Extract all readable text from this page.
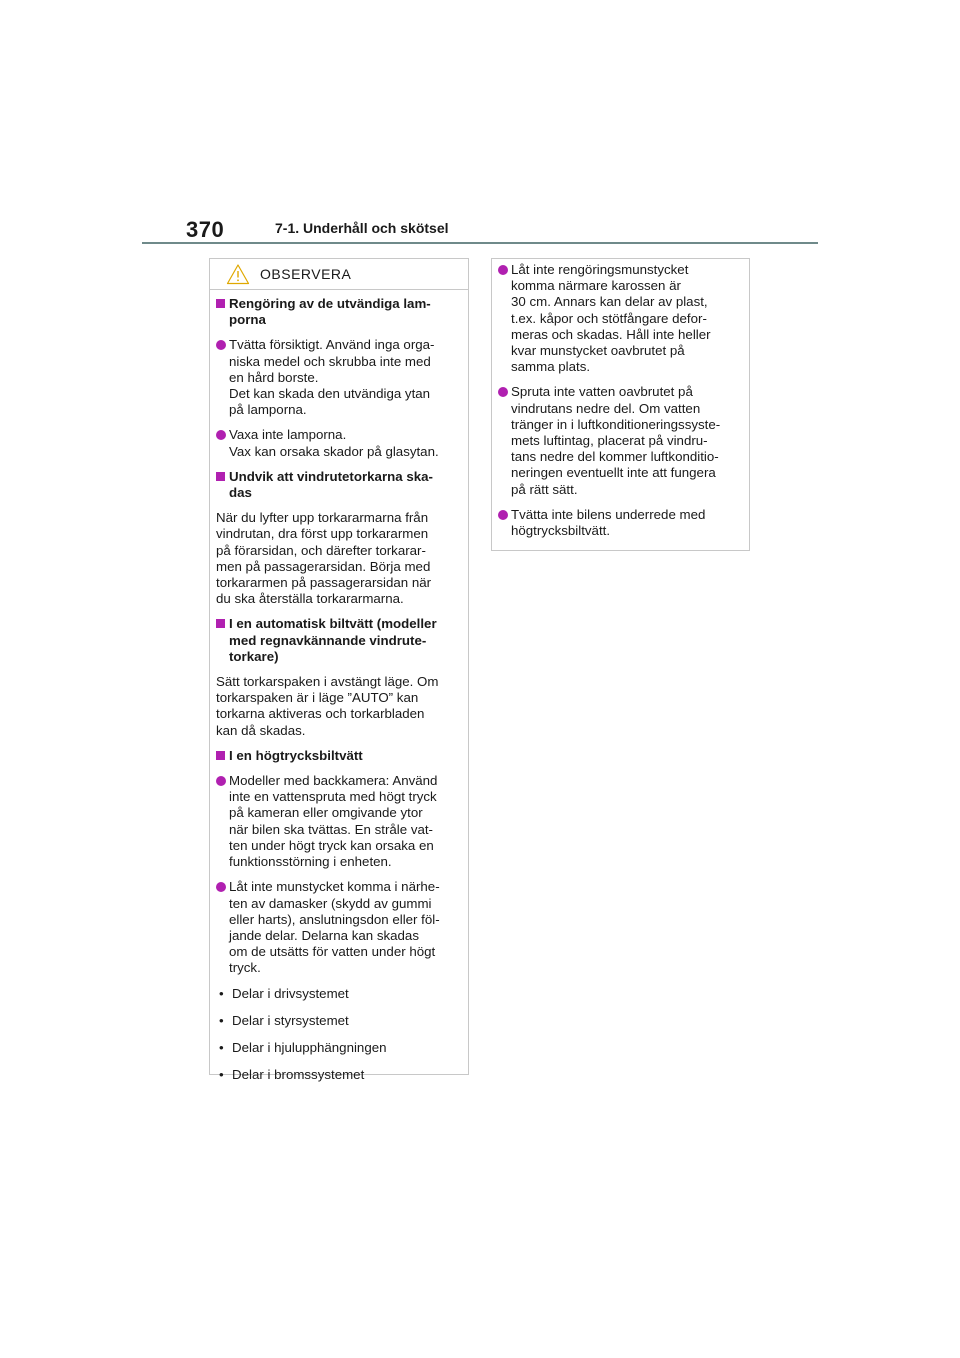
370	7-1. Underhåll och skötsel
OBSERVERA
Rengöring av de utvändiga lam-
porna
Tvätta försiktigt. Använd inga orga-
niska medel och skrubba inte med
en hård borste.
Det kan skada den utvändiga ytan
på lamporna.
Vaxa inte lamporna.
Vax kan orsaka skador på glasytan.
Undvik att vindrutetorkarna ska-
das
När du lyfter upp torkararmarna från
vindrutan, dra först upp torkararmen
på förarsidan, och därefter torkarar-
men på passagerarsidan. Börja med
torkararmen på passagerarsidan när
du ska återställa torkararmarna.
I en automatisk biltvätt (modeller
med regnavkännande vindrute-
torkare)
Sätt torkarspaken i avstängt läge. Om
torkarspaken är i läge ”AUTO” kan
torkarna aktiveras och torkarbladen
kan då skadas.
I en högtrycksbiltvätt
Modeller med backkamera: Använd
inte en vattenspruta med högt tryck
på kameran eller omgivande ytor
när bilen ska tvättas. En stråle vat-
ten under högt tryck kan orsaka en
funktionsstörning i enheten.
Låt inte munstycket komma i närhe-
ten av damasker (skydd av gummi
eller harts), anslutningsdon eller föl-
jande delar. Delarna kan skadas
om de utsätts för vatten under högt
tryck.
• Delar i drivsystemet
• Delar i styrsystemet
• Delar i hjulupphängningen
• Delar i bromssystemet
Låt inte rengöringsmunstycket
komma närmare karossen är
30 cm. Annars kan delar av plast,
t.ex. kåpor och stötfångare defor-
meras och skadas. Håll inte heller
kvar munstycket oavbrutet på
samma plats.
Spruta inte vatten oavbrutet på
vindrutans nedre del. Om vatten
tränger in i luftkonditioneringssyste-
mets luftintag, placerat på vindru-
tans nedre del kommer luftkonditio-
neringen eventuellt inte att fungera
på rätt sätt.
Tvätta inte bilens underrede med
högtrycksbiltvätt.
